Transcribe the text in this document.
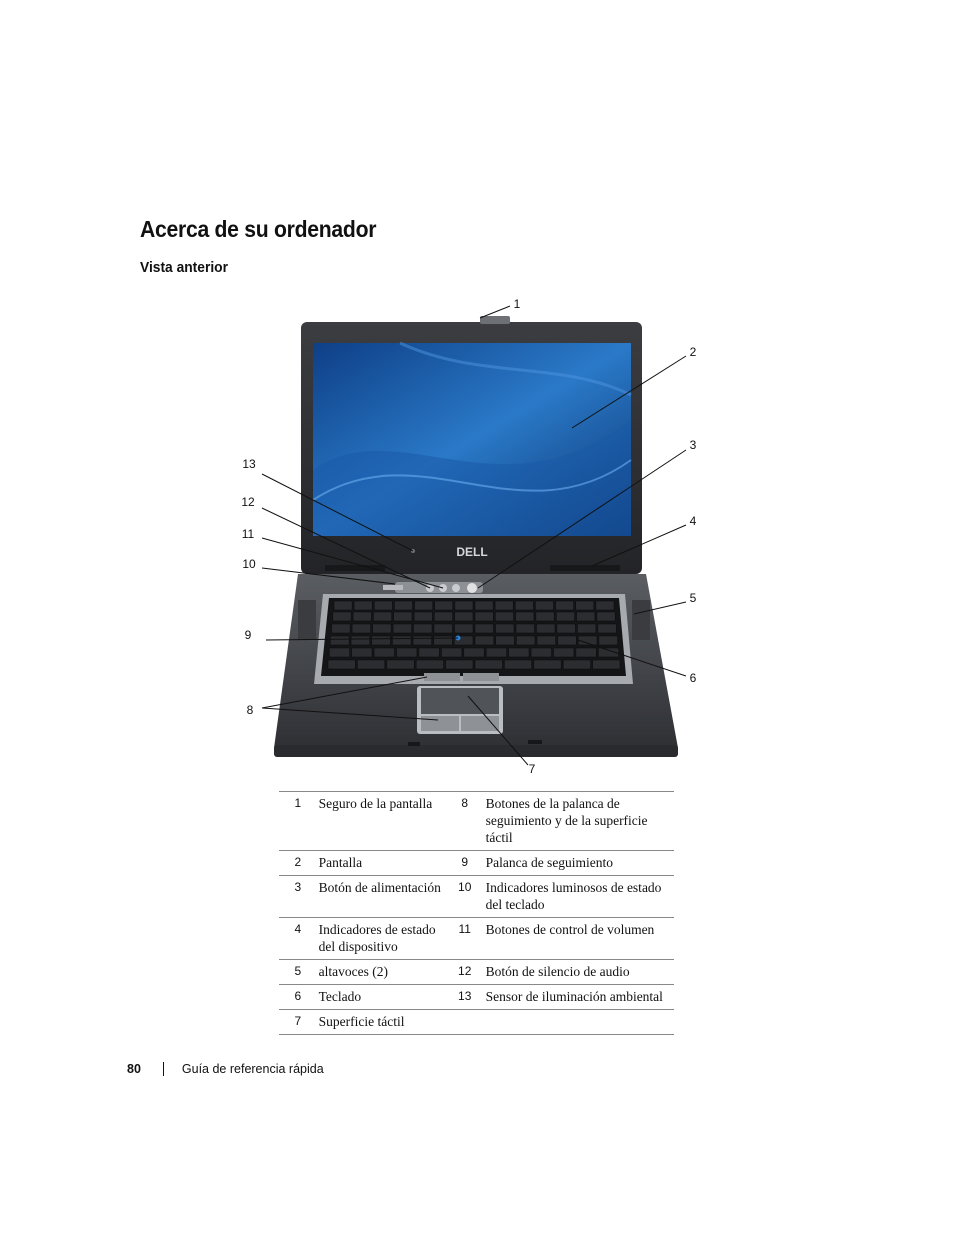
Acerca de su ordenador
Vista anterior
DELL
1
2
3
4
5
6
7
8
9
10
11
12
13
1	Seguro de la pantalla	8	Botones de la palanca de seguimiento y de la superficie táctil
2	Pantalla	9	Palanca de seguimiento
3	Botón de alimentación	10	Indicadores luminosos de estado del teclado
4	Indicadores de estado del dispositivo	11	Botones de control de volumen
5	altavoces (2)	12	Botón de silencio de audio
6	Teclado	13	Sensor de iluminación ambiental
7	Superficie táctil		
80	Guía de referencia rápida
